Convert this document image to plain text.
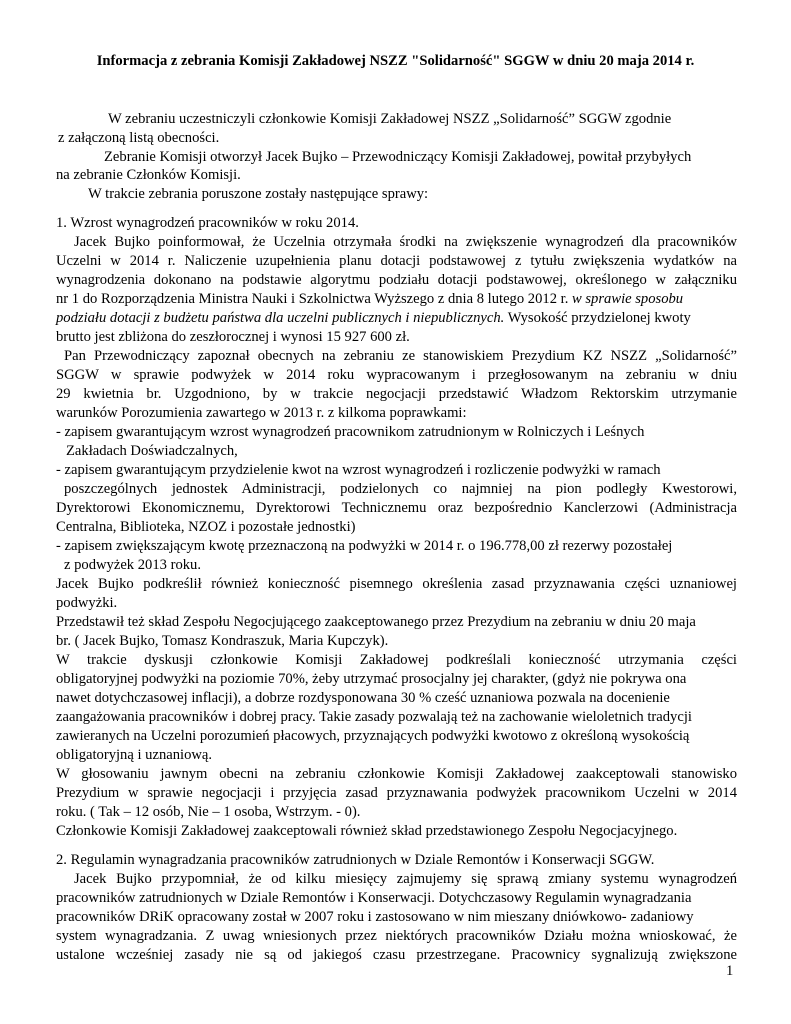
Informacja z zebrania Komisji Zakładowej NSZZ "Solidarność" SGGW w dniu 20 maja 2014 r.
W zebraniu uczestniczyli członkowie Komisji Zakładowej NSZZ „Solidarność” SGGW zgodnie
z załączoną listą obecności.
Zebranie Komisji otworzył Jacek Bujko – Przewodniczący Komisji Zakładowej, powitał przybyłych
na zebranie Członków Komisji.
W trakcie zebrania poruszone zostały następujące sprawy:
1. Wzrost wynagrodzeń pracowników w roku 2014.
Jacek Bujko poinformował, że Uczelnia otrzymała środki na zwiększenie wynagrodzeń dla pracowników
Uczelni w 2014 r. Naliczenie uzupełnienia planu dotacji podstawowej z tytułu zwiększenia wydatków na
wynagrodzenia dokonano na podstawie algorytmu podziału dotacji podstawowej, określonego w załączniku
nr 1 do Rozporządzenia Ministra Nauki i Szkolnictwa Wyższego z dnia 8 lutego 2012 r. w sprawie sposobu
podziału dotacji z budżetu państwa dla uczelni publicznych i niepublicznych. Wysokość przydzielonej kwoty
brutto jest zbliżona do zeszłorocznej i wynosi 15 927 600 zł.
Pan Przewodniczący zapoznał obecnych na zebraniu ze stanowiskiem Prezydium KZ NSZZ „Solidarność”
SGGW w sprawie podwyżek w 2014 roku wypracowanym i przegłosowanym na zebraniu w dniu
29 kwietnia br. Uzgodniono, by w trakcie negocjacji przedstawić Władzom Rektorskim utrzymanie
warunków Porozumienia zawartego w 2013 r. z kilkoma poprawkami:
- zapisem gwarantującym wzrost wynagrodzeń pracownikom zatrudnionym w Rolniczych i Leśnych
Zakładach Doświadczalnych,
- zapisem gwarantującym przydzielenie kwot na wzrost wynagrodzeń i rozliczenie podwyżki w ramach
poszczególnych jednostek Administracji, podzielonych co najmniej na pion podległy Kwestorowi,
Dyrektorowi Ekonomicznemu, Dyrektorowi Technicznemu oraz bezpośrednio Kanclerzowi (Administracja
Centralna, Biblioteka, NZOZ i pozostałe jednostki)
- zapisem zwiększającym kwotę przeznaczoną na podwyżki w 2014 r. o 196.778,00 zł rezerwy pozostałej
z podwyżek 2013 roku.
Jacek Bujko podkreślił również konieczność pisemnego określenia zasad przyznawania części uznaniowej
podwyżki.
Przedstawił też skład Zespołu Negocjującego zaakceptowanego przez Prezydium na zebraniu w dniu 20 maja
br. ( Jacek Bujko, Tomasz Kondraszuk, Maria Kupczyk).
W trakcie dyskusji członkowie Komisji Zakładowej podkreślali konieczność utrzymania części
obligatoryjnej podwyżki na poziomie 70%, żeby utrzymać prosocjalny jej charakter, (gdyż nie pokrywa ona
nawet dotychczasowej inflacji), a dobrze rozdysponowana 30 % cześć uznaniowa pozwala na docenienie
zaangażowania pracowników i dobrej pracy. Takie zasady pozwalają też na zachowanie wieloletnich tradycji
zawieranych na Uczelni porozumień płacowych, przyznających podwyżki kwotowo z określoną wysokością
obligatoryjną i uznaniową.
W głosowaniu jawnym obecni na zebraniu członkowie Komisji Zakładowej zaakceptowali stanowisko
Prezydium w sprawie negocjacji i przyjęcia zasad przyznawania podwyżek pracownikom Uczelni w 2014
roku. ( Tak – 12 osób, Nie – 1 osoba, Wstrzym. - 0).
Członkowie Komisji Zakładowej zaakceptowali również skład przedstawionego Zespołu Negocjacyjnego.
2. Regulamin wynagradzania pracowników zatrudnionych w Dziale Remontów i Konserwacji SGGW.
Jacek Bujko przypomniał, że od kilku miesięcy zajmujemy się sprawą zmiany systemu wynagrodzeń
pracowników zatrudnionych w Dziale Remontów i Konserwacji. Dotychczasowy Regulamin wynagradzania
pracowników DRiK opracowany został w 2007 roku i zastosowano w nim mieszany dniówkowo- zadaniowy
system wynagradzania. Z uwag wniesionych przez niektórych pracowników Działu można wnioskować, że
ustalone wcześniej zasady nie są od jakiegoś czasu przestrzegane. Pracownicy sygnalizują zwiększone
1
